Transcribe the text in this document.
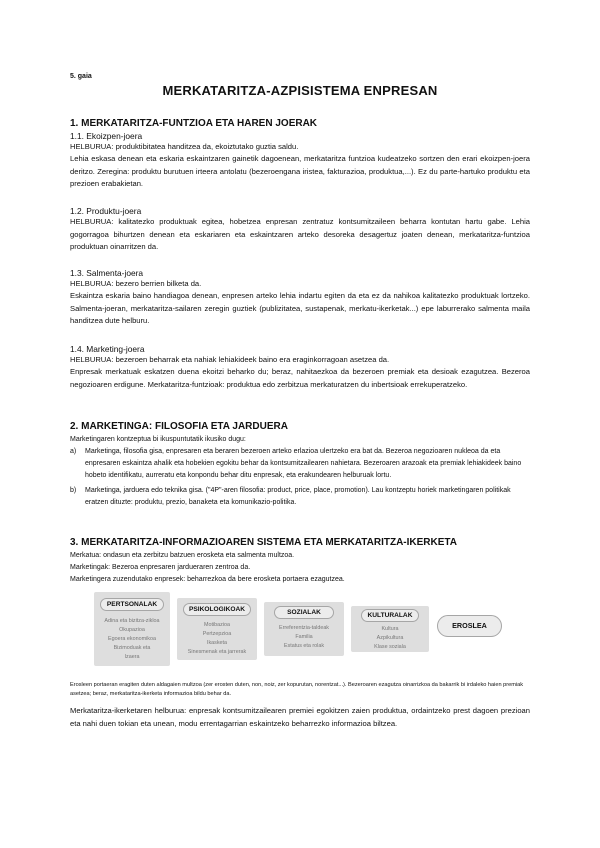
5. gaia
MERKATARITZA-AZPISISTEMA ENPRESAN
1. MERKATARITZA-FUNTZIOA ETA HAREN JOERAK
1.1. Ekoizpen-joera
HELBURUA: produktibitatea handitzea da, ekoiztutako guztia saldu.
Lehia eskasa denean eta eskaria eskaintzaren gainetik dagoenean, merkataritza funtzioa kudeatzeko sortzen den erari ekoizpen-joera deritzo. Zeregina: produktu burutuen irteera antolatu (bezeroengana iristea, fakturazioa, produktua,...). Ez du parte-hartuko produktu eta prezioen erabakietan.
1.2. Produktu-joera
HELBURUA: kalitatezko produktuak egitea, hobetzea enpresan zentratuz kontsumitzaileen beharra kontutan hartu gabe. Lehia gogorragoa bihurtzen denean eta eskariaren eta eskaintzaren arteko desoreka desagertuz joaten denean, merkataritza-funtzioa produktuan oinarritzen da.
1.3. Salmenta-joera
HELBURUA: bezero berrien bilketa da.
Eskaintza eskaria baino handiagoa denean, enpresen arteko lehia indartu egiten da eta ez da nahikoa kalitatezko produktuak lortzeko. Salmenta-joeran, merkataritza-sailaren zeregin guztiek (publizitatea, sustapenak, merkatu-ikerketak...) epe laburrerako salmenta maila handitzea dute helburu.
1.4. Marketing-joera
HELBURUA: bezeroen beharrak eta nahiak lehiakideek baino era eraginkorragoan asetzea da.
Enpresak merkatuak eskatzen duena ekoitzi beharko du; beraz, nahitaezkoa da bezeroen premiak eta desioak ezagutzea. Bezeroa negozioaren erdigune. Merkataritza-funtzioak: produktua edo zerbitzua merkaturatzen du inbertsioak errekuperatzeko.
2. MARKETINGA: FILOSOFIA ETA JARDUERA
Marketingaren kontzeptua bi ikuspuntutatik ikusiko dugu:
a) Marketinga, filosofia gisa, enpresaren eta beraren bezeroen arteko erlazioa ulertzeko era bat da. Bezeroa negozioaren nukleoa da eta enpresaren eskaintza ahalik eta hobekien egokitu behar da kontsumitzailearen nahietara. Bezeroaren arazoak eta premiak lehiakideek baino hobeto identifikatu, aurreratu eta konpondu behar ditu enpresak, eta erakundearen helburuak lortu.
b) Marketinga, jarduera edo teknika gisa. ("4P"-aren filosofia: product, price, place, promotion). Lau kontzeptu horiek marketingaren politikak eratzen dituzte: produktu, prezio, banaketa eta komunikazio-politika.
3. MERKATARITZA-INFORMAZIOAREN SISTEMA ETA MERKATARITZA-IKERKETA
Merkatua: ondasun eta zerbitzu batzuen erosketa eta salmenta multzoa.
Marketingak: Bezeroa enpresaren jardueraren zentroa da.
Marketingera zuzendutako enpresek: beharrezkoa da bere erosketa portaera ezagutzea.
PERTSONALAK
Adina eta bizitza-zikloa
Okupazioa
Egoera ekonomikoa
Bizimoduak eta
Izaera
PSIKOLOGIKOAK
Motibazioa
Pertzepzioa
Ikasketa
Sinesmenak eta jarrerak
SOZIALAK
Erreferentzia-taldeak
Familia
Estatus eta rolak
KULTURALAK
Kultura
Azpikultura
Klase soziala
EROSLEA
Erosleen portaeran eragiten duten aldagaien multzoa (zer erosten duten, non, noiz, zer kopurutan, norentzat...). Bezeroaren ezagutza oinarrizkoa da bakarrik bi irdaleko haien premiak asetzea; beraz, merkataritza-ikerketa informazioa bildu behar da.
Merkataritza-ikerketaren helburua: enpresak kontsumitzailearen premiei egokitzen zaien produktua, ordaintzeko prest dagoen prezioan eta nahi duen tokian eta unean, modu errentagarrian eskaintzeko beharrezko informazioa biltzea.
